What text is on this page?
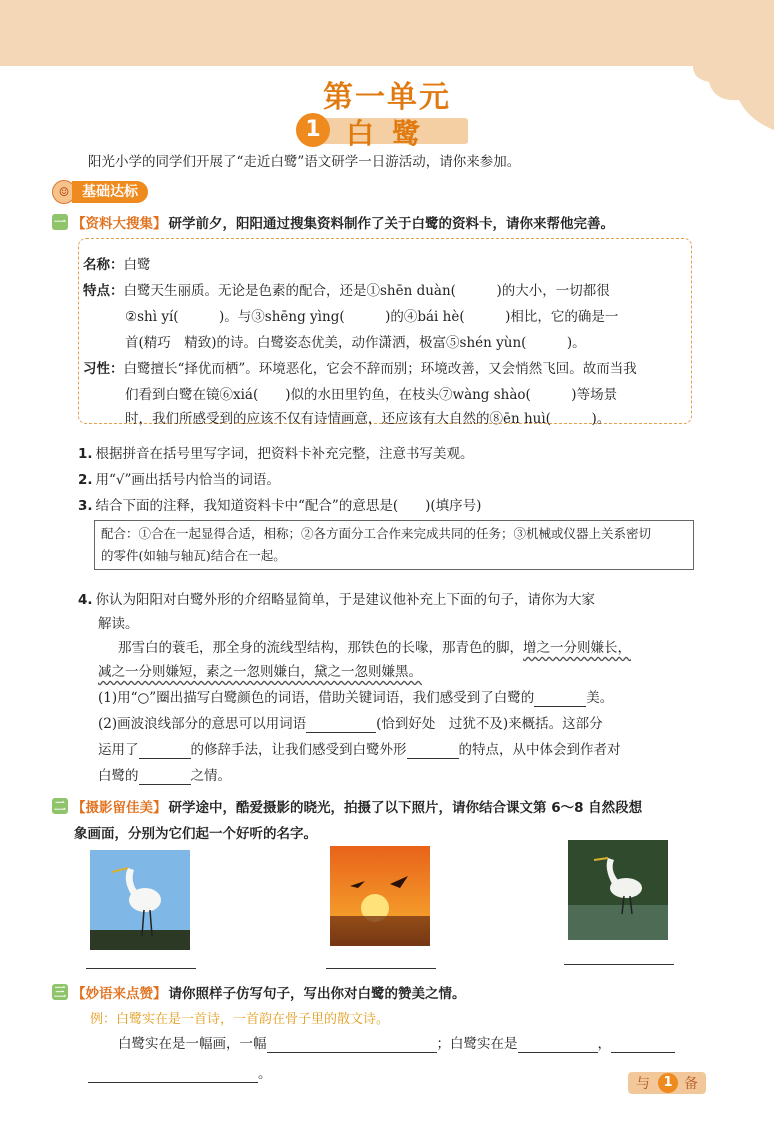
第一单元
1 白鹭
阳光小学的同学们开展了“走近白鹭”语文研学一日游活动，请你来参加。
☺ 基础达标
一 【资料大搜集】 研学前夕，阳阳通过搜集资料制作了关于白鹭的资料卡，请你来帮他完善。
名称：白鹭
特点：白鹭天生丽质。无论是色素的配合，还是①shēn duàn(　　　)的大小，一切都很
②shì yí(　　　)。与③shēng yìng(　　　)的④bái hè(　　　)相比，它的确是一
首(精巧　精致)的诗。白鹭姿态优美，动作潇洒，极富⑤shén yùn(　　　)。
习性：白鹭擅长“择优而栖”。环境恶化，它会不辞而别；环境改善，又会悄然飞回。故而当我
们看到白鹭在镜⑥xiá(　　)似的水田里钓鱼，在枝头⑦wàng shào(　　　)等场景
时，我们所感受到的应该不仅有诗情画意，还应该有大自然的⑧ēn huì(　　　)。
1. 根据拼音在括号里写字词，把资料卡补充完整，注意书写美观。
2. 用“√”画出括号内恰当的词语。
3. 结合下面的注释，我知道资料卡中“配合”的意思是(　　)(填序号)
配合：①合在一起显得合适，相称；②各方面分工合作来完成共同的任务；③机械或仪器上关系密切
的零件(如轴与轴瓦)结合在一起。
4. 你认为阳阳对白鹭外形的介绍略显简单，于是建议他补充上下面的句子，请你为大家
解读。
那雪白的蓑毛，那全身的流线型结构，那铁色的长喙，那青色的脚，增之一分则嫌长，
减之一分则嫌短，素之一忽则嫌白，黛之一忽则嫌黑。
(1)用“○”圈出描写白鹭颜色的词语，借助关键词语，我们感受到了白鹭的	美。
(2)画波浪线部分的意思可以用词语	(恰到好处　过犹不及)来概括。这部分
运用了	的修辞手法，让我们感受到白鹭外形	的特点，从中体会到作者对
白鹭的	之情。
二 【摄影留佳美】 研学途中，酷爱摄影的晓光，拍摄了以下照片，请你结合课文第 6～8 自然段想
象画面，分别为它们起一个好听的名字。
三 【妙语来点赞】 请你照样子仿写句子，写出你对白鹭的赞美之情。
例：白鹭实在是一首诗，一首韵在骨子里的散文诗。
白鹭实在是一幅画，一幅	；白鹭实在是	，
。
与	1 备
